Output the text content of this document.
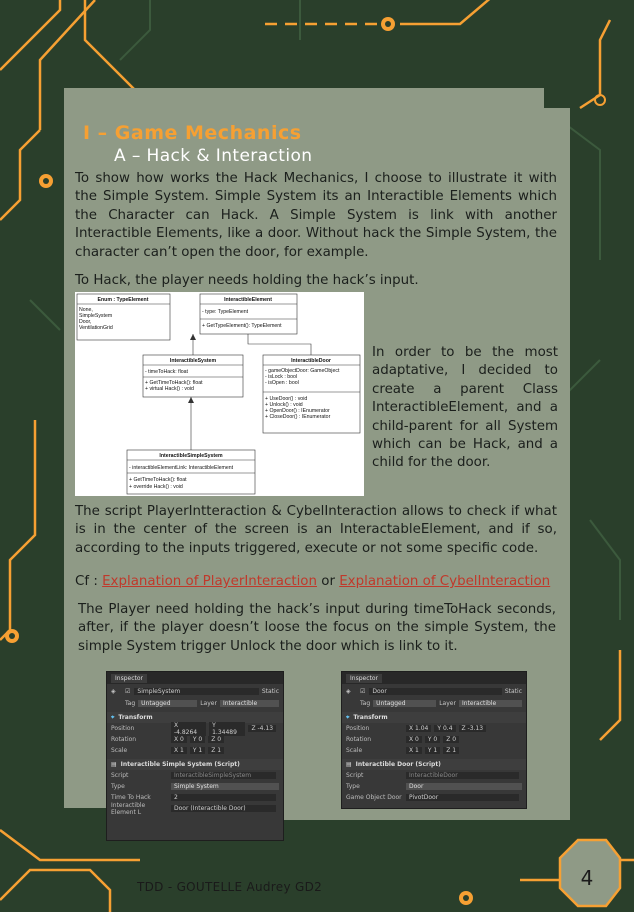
I – Game Mechanics
A – Hack & Interaction

To show how works the Hack Mechanics, I choose to illustrate it with the Simple System. Simple System its an Interactible Elements which the Character can Hack. A Simple System is link with another Interactible Elements, like a door. Without hack the Simple System, the character can’t open the door, for example.

To Hack, the player needs holding the hack’s input.

Enum : TypeElement
None,
SimpleSystem
Door,
VentilationGrid
InteractibleElement
- type: TypeElement
+ GetTypeElement(): TypeElement
InteractibleSystem
- timeToHack: float
+ GetTimeToHack(): float
+ virtual Hack() : void
InteractibleDoor
- gameObjectDoor: GameObject
- isLock : bool
- isOpen : bool
+ UseDoor() : void
+ Unlock() : void
+ OpenDoor() : IEnumerator
+ CloseDoor() : IEnumerator
InteractibleSimpleSystem
- interactibleElementLink: InteractibleElement
+ GetTimeToHack(): float
+ override Hack() : void

In order to be the most adaptative, I decided to create a parent Class InteractibleElement, and a child-parent for all System which can be Hack, and a child for the door.

The script PlayerIntteraction & CybelInteraction allows to check if what is in the center of the screen is an InteractableElement, and if so, according to the inputs triggered, execute or not some specific code.

Cf : Explanation of PlayerInteraction or Explanation of CybelInteraction

The Player need holding the hack’s input during timeToHack seconds, after, if the player doesn’t loose the focus on the simple System, the simple System trigger Unlock the door which is link to it.

Inspector
◈	☑	SimpleSystem	Static
Tag	Untagged	Layer	Interactible
⌖ Transform
Position	X -4.8264
Y 1.34489	Z -4.13
Rotation	X 0	Y 0	Z 0
Scale	X 1	Y 1	Z 1
▤ Interactible Simple System (Script)
Script	InteractibleSimpleSystem
Type	Simple System
Time To Hack	2
Interactible Element L	Door (Interactible Door)
Inspector
◈	☑	Door	Static
Tag	Untagged	Layer	Interactible
⌖ Transform
Position	X 1.04	Y 0.4	Z -3.13
Rotation	X 0	Y 0	Z 0
Scale	X 1	Y 1	Z 1
▤ Interactible Door (Script)
Script	InteractibleDoor
Type	Door
Game Object Door	PivotDoor
TDD - GOUTELLE Audrey GD2	4
